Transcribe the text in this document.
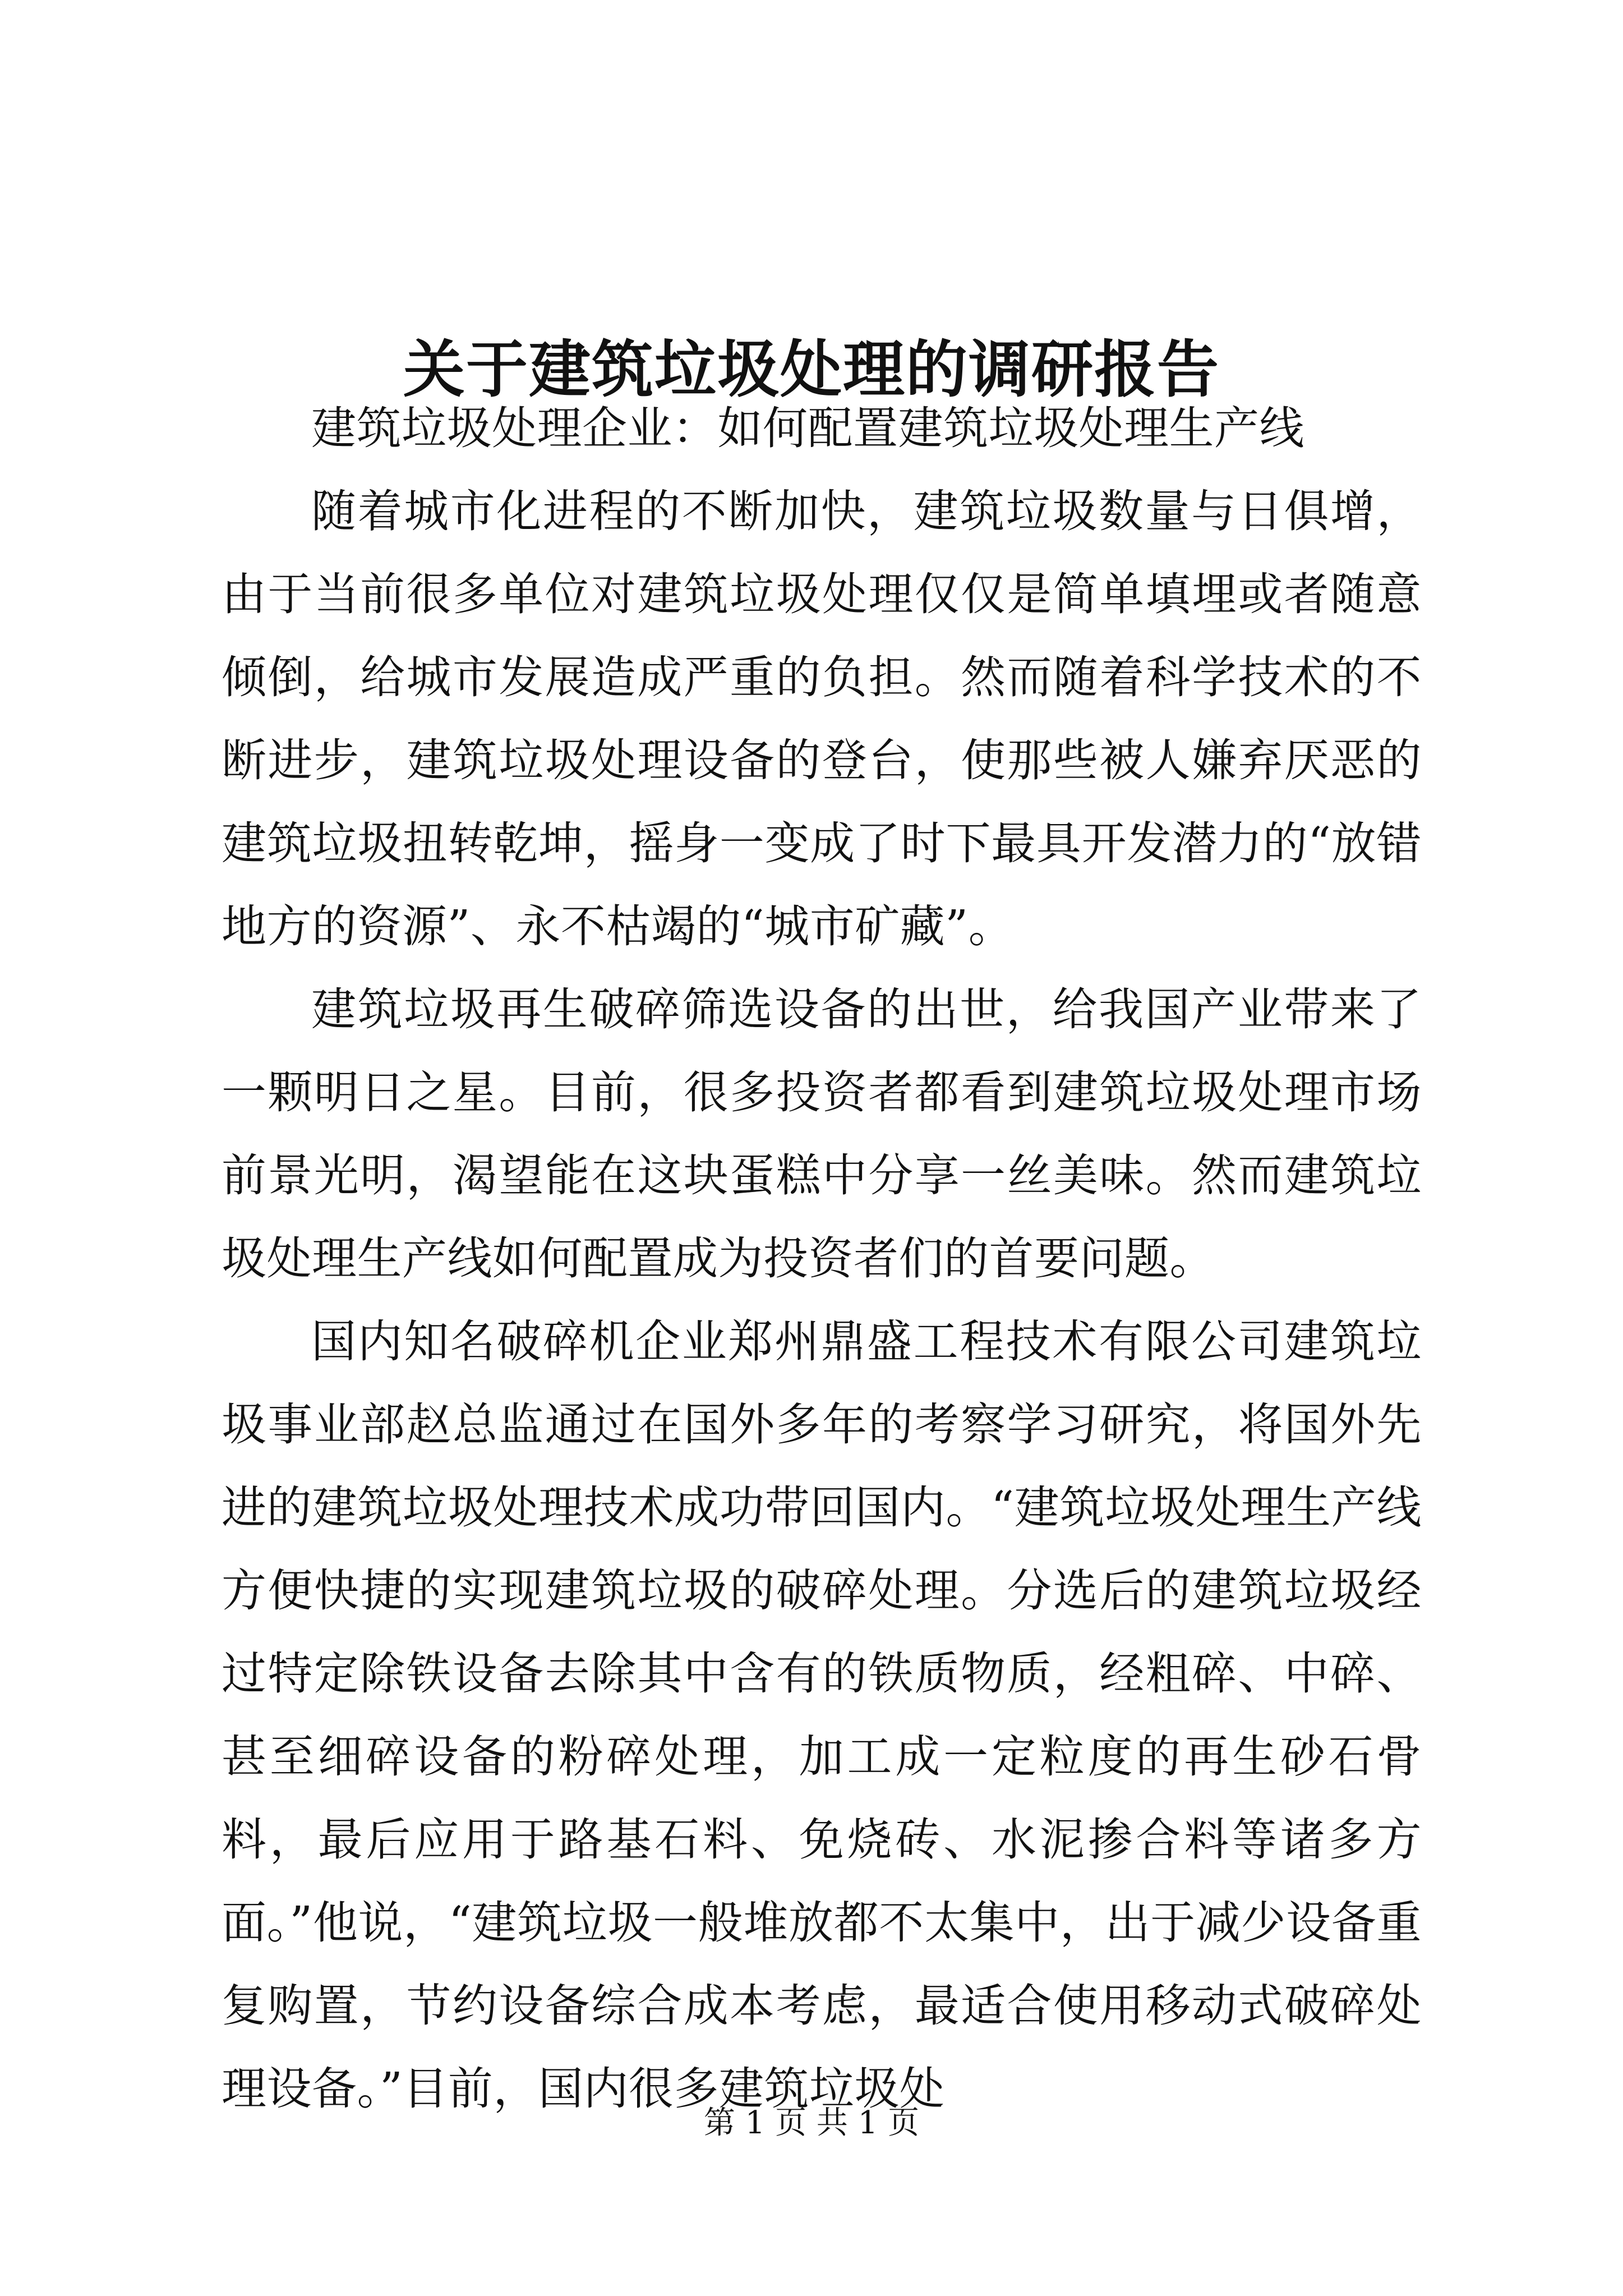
关于建筑垃圾处理的调研报告

建筑垃圾处理企业：如何配置建筑垃圾处理生产线

随着城市化进程的不断加快，建筑垃圾数量与日俱增，由于当前很多单位对建筑垃圾处理仅仅是简单填埋或者随意倾倒，给城市发展造成严重的负担。然而随着科学技术的不断进步，建筑垃圾处理设备的登台，使那些被人嫌弃厌恶的建筑垃圾扭转乾坤，摇身一变成了时下最具开发潜力的“放错地方的资源”、永不枯竭的“城市矿藏”。

建筑垃圾再生破碎筛选设备的出世，给我国产业带来了一颗明日之星。目前，很多投资者都看到建筑垃圾处理市场前景光明，渴望能在这块蛋糕中分享一丝美味。然而建筑垃圾处理生产线如何配置成为投资者们的首要问题。

国内知名破碎机企业郑州鼎盛工程技术有限公司建筑垃圾事业部赵总监通过在国外多年的考察学习研究，将国外先进的建筑垃圾处理技术成功带回国内。“建筑垃圾处理生产线方便快捷的实现建筑垃圾的破碎处理。分选后的建筑垃圾经过特定除铁设备去除其中含有的铁质物质，经粗碎、中碎、甚至细碎设备的粉碎处理，加工成一定粒度的再生砂石骨料，最后应用于路基石料、免烧砖、水泥掺合料等诸多方面。”他说，“建筑垃圾一般堆放都不太集中，出于减少设备重复购置，节约设备综合成本考虑，最适合使用移动式破碎处理设备。”目前，国内很多建筑垃圾处

第 1 页 共 1 页
